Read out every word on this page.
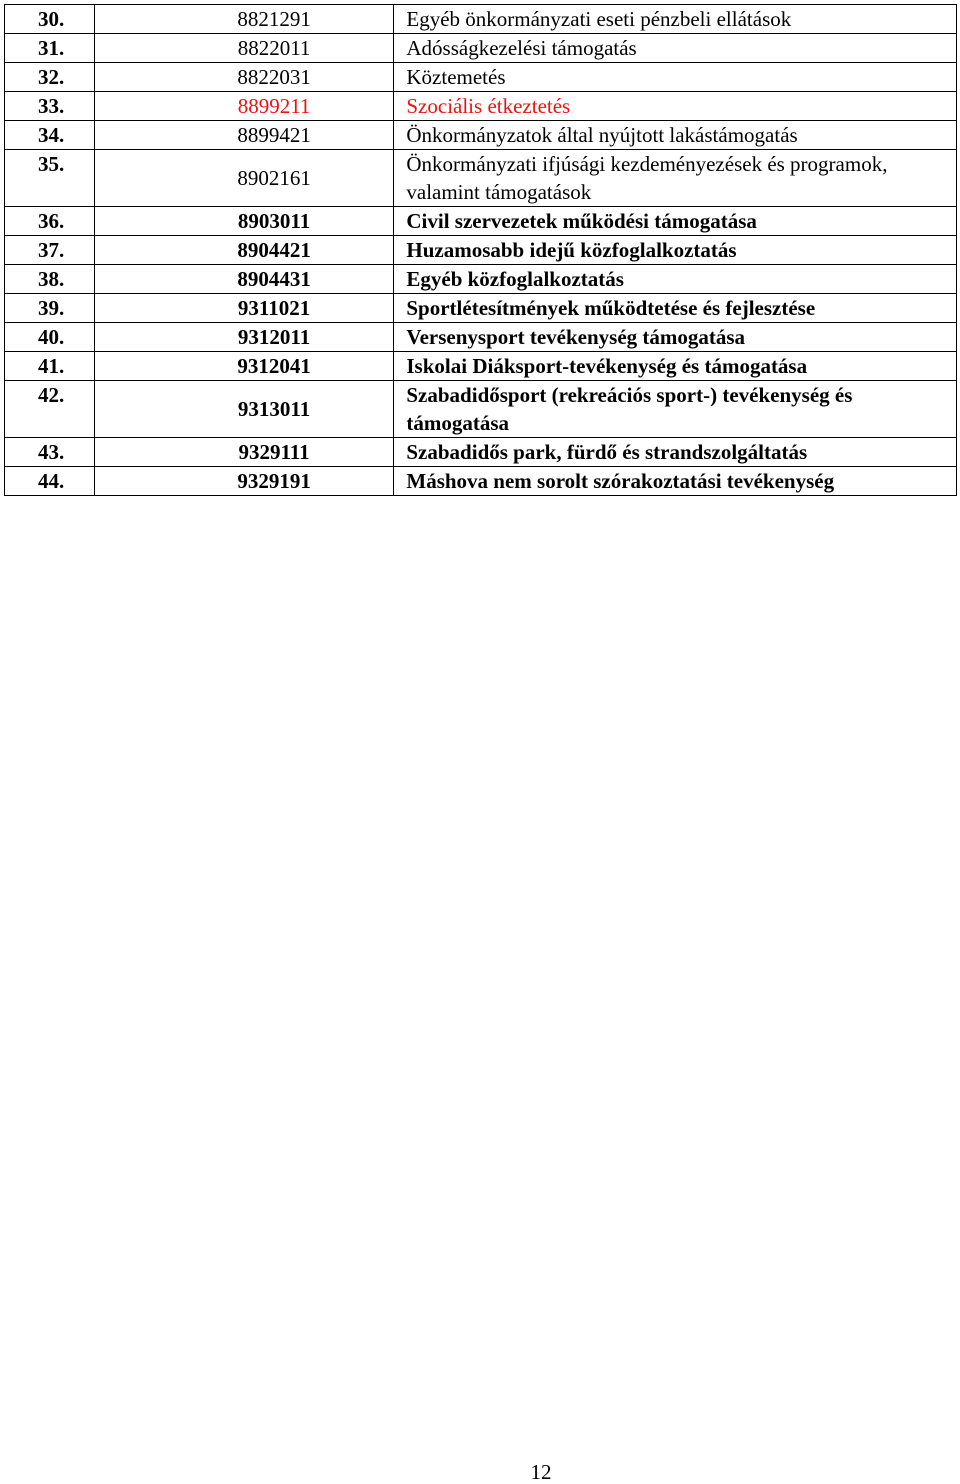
30.	8821291	Egyéb önkormányzati eseti pénzbeli ellátások
31.	8822011	Adósságkezelési támogatás
32.	8822031	Köztemetés
33.	8899211	Szociális étkeztetés
34.	8899421	Önkormányzatok által nyújtott lakástámogatás
35.	8902161	Önkormányzati ifjúsági kezdeményezések és programok, valamint támogatások
36.	8903011	Civil szervezetek működési támogatása
37.	8904421	Huzamosabb idejű közfoglalkoztatás
38.	8904431	Egyéb közfoglalkoztatás
39.	9311021	Sportlétesítmények működtetése és fejlesztése
40.	9312011	Versenysport tevékenység támogatása
41.	9312041	Iskolai Diáksport-tevékenység és támogatása
42.	9313011	Szabadidősport (rekreációs sport-) tevékenység és támogatása
43.	9329111	Szabadidős park, fürdő és strandszolgáltatás
44.	9329191	Máshova nem sorolt szórakoztatási tevékenység
12
